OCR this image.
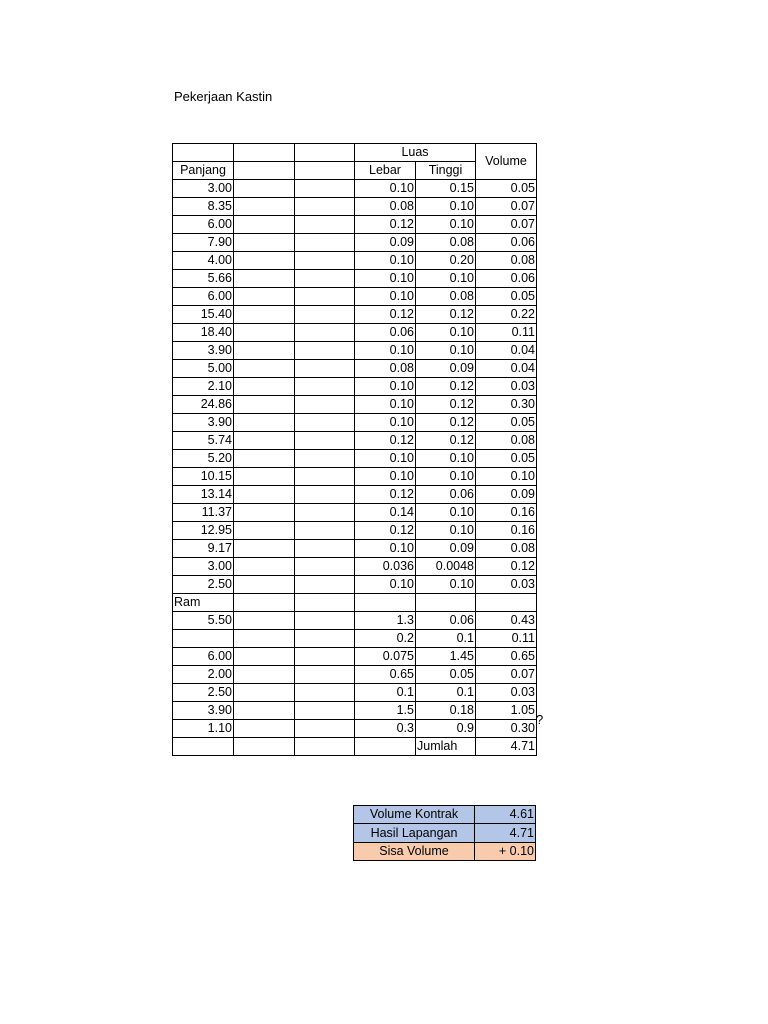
Pekerjaan Kastin
			Luas		Volume
Panjang			Lebar	Tinggi	
3.00			0.10	0.15	0.05
8.35			0.08	0.10	0.07
6.00			0.12	0.10	0.07
7.90			0.09	0.08	0.06
4.00			0.10	0.20	0.08
5.66			0.10	0.10	0.06
6.00			0.10	0.08	0.05
15.40			0.12	0.12	0.22
18.40			0.06	0.10	0.11
3.90			0.10	0.10	0.04
5.00			0.08	0.09	0.04
2.10			0.10	0.12	0.03
24.86			0.10	0.12	0.30
3.90			0.10	0.12	0.05
5.74			0.12	0.12	0.08
5.20			0.10	0.10	0.05
10.15			0.10	0.10	0.10
13.14			0.12	0.06	0.09
11.37			0.14	0.10	0.16
12.95			0.12	0.10	0.16
9.17			0.10	0.09	0.08
3.00			0.036	0.0048	0.12
2.50			0.10	0.10	0.03
Ram					
5.50			1.3	0.06	0.43
			0.2	0.1	0.11
6.00			0.075	1.45	0.65
2.00			0.65	0.05	0.07
2.50			0.1	0.1	0.03
3.90			1.5	0.18	1.05
1.10			0.3	0.9	0.30
				Jumlah	4.71
?
Volume Kontrak	4.61
Hasil Lapangan	4.71
Sisa Volume	+ 0.10
